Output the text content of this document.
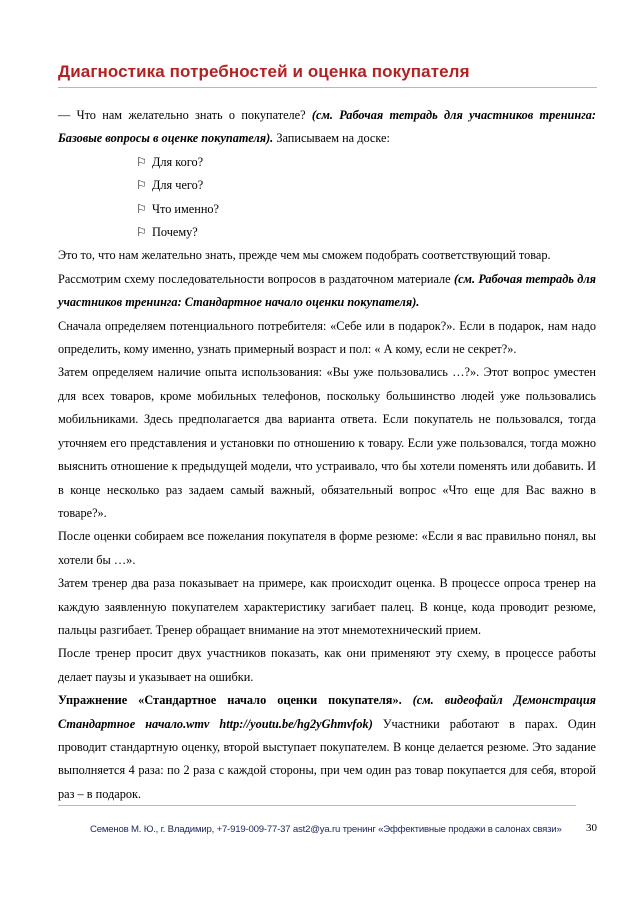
Диагностика потребностей и оценка покупателя

— Что нам желательно знать о покупателе? (см. Рабочая тетрадь для участников тренинга: Базовые вопросы в оценке покупателя). Записываем на доске:

⚐ Для кого?
⚐ Для чего?
⚐ Что именно?
⚐ Почему?

Это то, что нам желательно знать, прежде чем мы сможем подобрать соответствующий товар.

Рассмотрим схему последовательности вопросов в раздаточном материале (см. Рабочая тетрадь для участников тренинга: Стандартное начало оценки покупателя).

Сначала определяем потенциального потребителя: «Себе или в подарок?». Если в подарок, нам надо определить, кому именно, узнать примерный возраст и пол: « А кому, если не секрет?».

Затем определяем наличие опыта использования: «Вы уже пользовались …?». Этот вопрос уместен для всех товаров, кроме мобильных телефонов, поскольку большинство людей уже пользовались мобильниками. Здесь предполагается два варианта ответа. Если покупатель не пользовался, тогда уточняем его представления и установки по отношению к товару. Если уже пользовался, тогда можно выяснить отношение к предыдущей модели, что устраивало, что бы хотели поменять или добавить. И в конце несколько раз задаем самый важный, обязательный вопрос «Что еще для Вас важно в товаре?».

После оценки собираем все пожелания покупателя в форме резюме: «Если я вас правильно понял, вы хотели бы …».

Затем тренер два раза показывает на примере, как происходит оценка. В процессе опроса тренер на каждую заявленную покупателем характеристику загибает палец. В конце, кода проводит резюме, пальцы разгибает. Тренер обращает внимание на этот мнемотехнический прием.

После тренер просит двух участников показать, как они применяют эту схему, в процессе работы делает паузы и указывает на ошибки.

Упражнение «Стандартное начало оценки покупателя». (см. видеофайл Демонстрация Стандартное начало.wmv http://youtu.be/hg2yGhmvfok) Участники работают в парах. Один проводит стандартную оценку, второй выступает покупателем. В конце делается резюме. Это задание выполняется 4 раза: по 2 раза с каждой стороны, при чем один раз товар покупается для себя, второй раз – в подарок.

Семенов М. Ю., г. Владимир, +7-919-009-77-37 ast2@ya.ru тренинг «Эффективные продажи в салонах связи»	30
